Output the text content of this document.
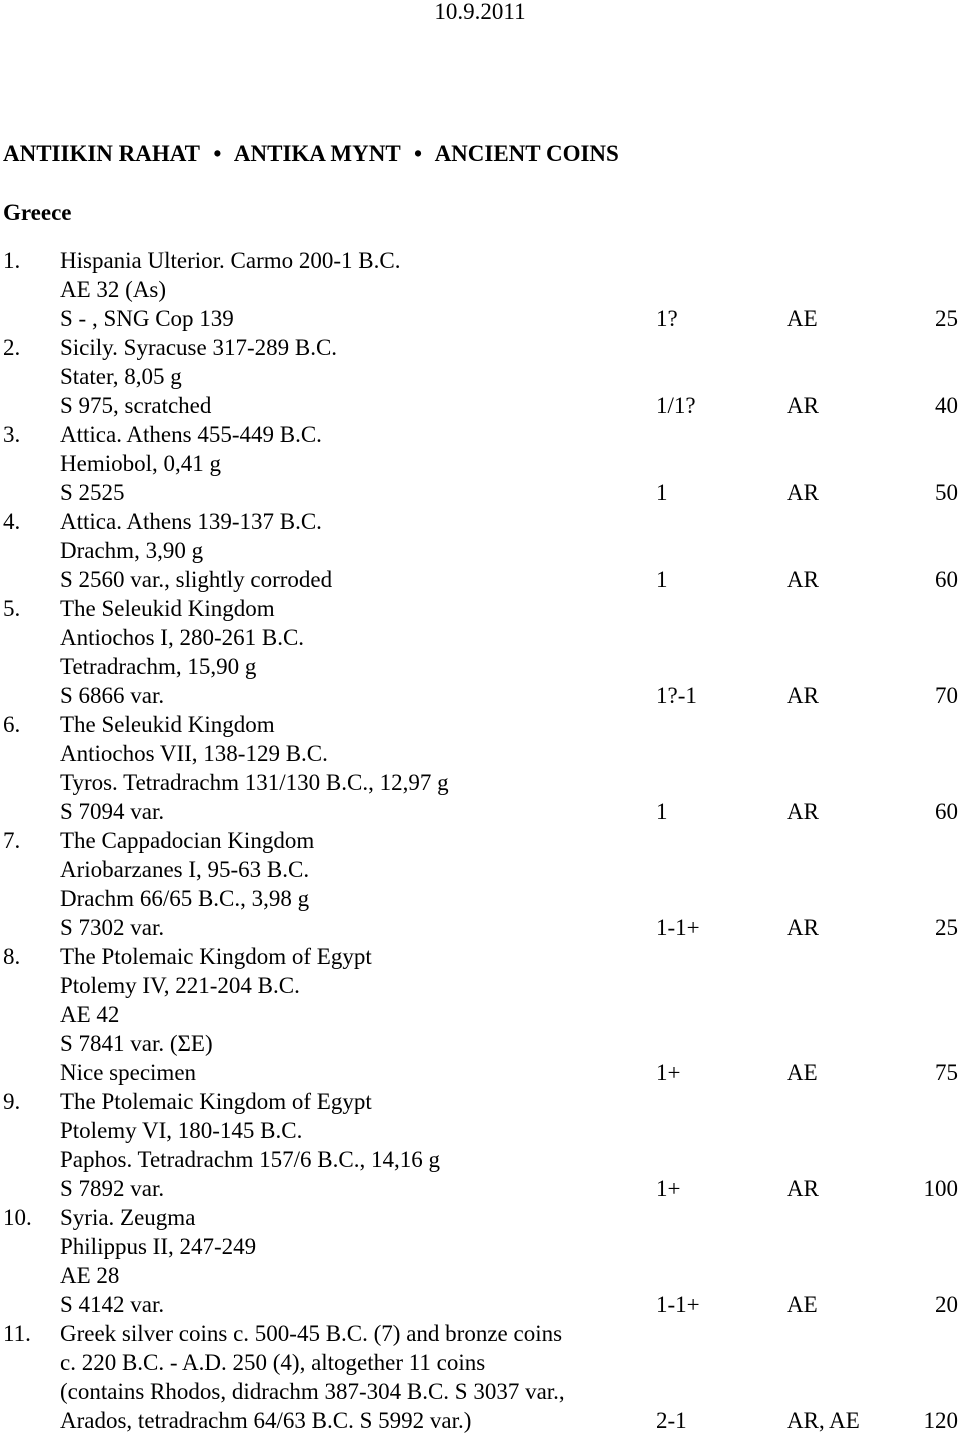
10.9.2011
ANTIIKIN RAHAT • ANTIKA MYNT • ANCIENT COINS
Greece
1. Hispania Ulterior. Carmo 200-1 B.C.
AE 32 (As)
S - , SNG Cop 139	1?	AE	25
2. Sicily. Syracuse 317-289 B.C.
Stater, 8,05 g
S 975, scratched	1/1?	AR	40
3. Attica. Athens 455-449 B.C.
Hemiobol, 0,41 g
S 2525	1	AR	50
4. Attica. Athens 139-137 B.C.
Drachm, 3,90 g
S 2560 var., slightly corroded	1	AR	60
5. The Seleukid Kingdom
Antiochos I, 280-261 B.C.
Tetradrachm, 15,90 g
S 6866 var.	1?-1	AR	70
6. The Seleukid Kingdom
Antiochos VII, 138-129 B.C.
Tyros. Tetradrachm 131/130 B.C., 12,97 g
S 7094 var.	1	AR	60
7. The Cappadocian Kingdom
Ariobarzanes I, 95-63 B.C.
Drachm 66/65 B.C., 3,98 g
S 7302 var.	1-1+	AR	25
8. The Ptolemaic Kingdom of Egypt
Ptolemy IV, 221-204 B.C.
AE 42
S 7841 var. (ΣΕ)
Nice specimen	1+	AE	75
9. The Ptolemaic Kingdom of Egypt
Ptolemy VI, 180-145 B.C.
Paphos. Tetradrachm 157/6 B.C., 14,16 g
S 7892 var.	1+	AR	100
10. Syria. Zeugma
Philippus II, 247-249
AE 28
S 4142 var.	1-1+	AE	20
11. Greek silver coins c. 500-45 B.C. (7) and bronze coins
c. 220 B.C. - A.D. 250 (4), altogether 11 coins
(contains Rhodos, didrachm 387-304 B.C. S 3037 var.,
Arados, tetradrachm 64/63 B.C. S 5992 var.)	2-1	AR, AE	120
